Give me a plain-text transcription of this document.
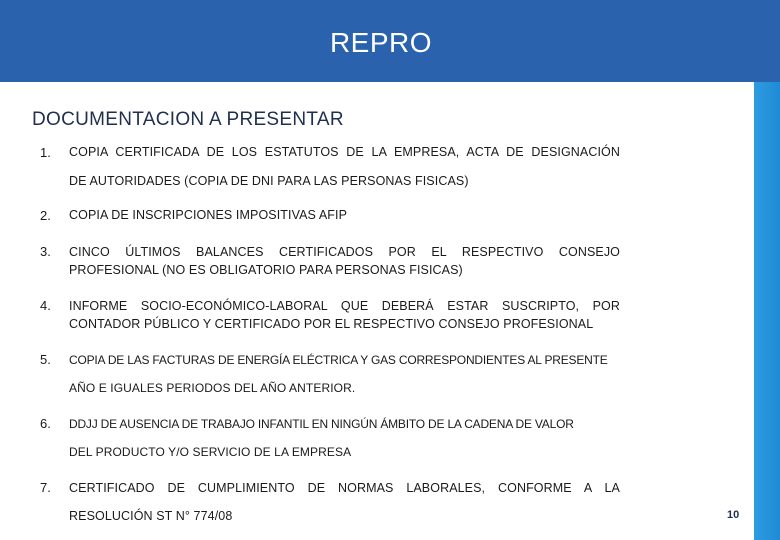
REPRO
DOCUMENTACION A PRESENTAR
1. COPIA CERTIFICADA DE LOS ESTATUTOS DE LA EMPRESA, ACTA DE DESIGNACIÓN
DE AUTORIDADES (COPIA DE DNI PARA LAS PERSONAS FISICAS)
2. COPIA DE INSCRIPCIONES IMPOSITIVAS AFIP
3. CINCO ÚLTIMOS BALANCES CERTIFICADOS POR EL RESPECTIVO CONSEJO
PROFESIONAL (NO ES OBLIGATORIO PARA PERSONAS FISICAS)
4. INFORME SOCIO-ECONÓMICO-LABORAL QUE DEBERÁ ESTAR SUSCRIPTO, POR
CONTADOR PÚBLICO Y CERTIFICADO POR EL RESPECTIVO CONSEJO PROFESIONAL
5. COPIA DE LAS FACTURAS DE ENERGÍA ELÉCTRICA Y GAS CORRESPONDIENTES AL PRESENTE
AÑO E IGUALES PERIODOS DEL AÑO ANTERIOR.
6. DDJJ DE AUSENCIA DE TRABAJO INFANTIL EN NINGÚN ÁMBITO DE LA CADENA DE VALOR
DEL PRODUCTO Y/O SERVICIO DE LA EMPRESA
7. CERTIFICADO DE CUMPLIMIENTO DE NORMAS LABORALES, CONFORME A LA
RESOLUCIÓN ST N° 774/08	10
